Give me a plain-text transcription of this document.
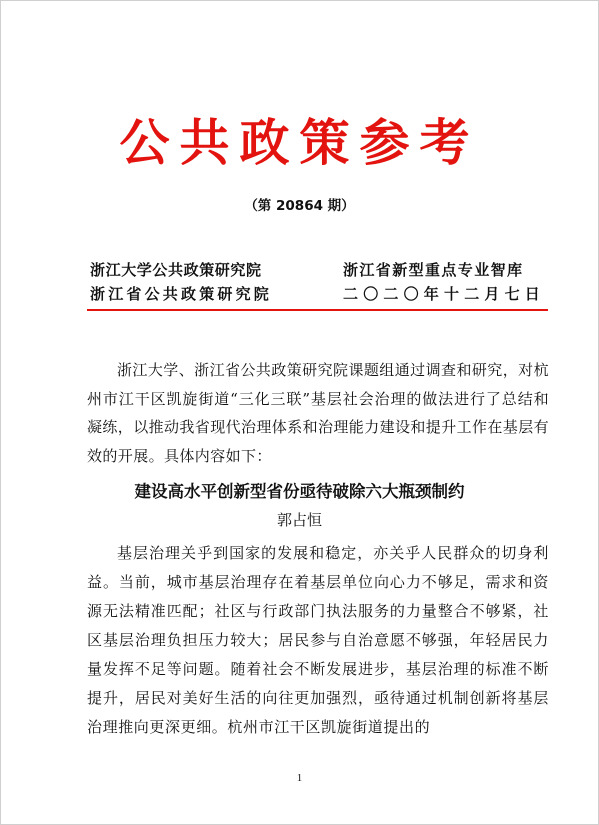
公共政策参考
（第 20864 期）
浙江大学公共政策研究院
浙江省公共政策研究院
浙江省新型重点专业智库
二〇二〇年十二月七日

浙江大学、浙江省公共政策研究院课题组通过调查和研究，对杭州市江干区凯旋街道“三化三联”基层社会治理的做法进行了总结和凝练，以推动我省现代治理体系和治理能力建设和提升工作在基层有效的开展。具体内容如下：

建设高水平创新型省份亟待破除六大瓶颈制约
郭占恒

基层治理关乎到国家的发展和稳定，亦关乎人民群众的切身利益。当前，城市基层治理存在着基层单位向心力不够足，需求和资源无法精准匹配；社区与行政部门执法服务的力量整合不够紧，社区基层治理负担压力较大；居民参与自治意愿不够强，年轻居民力量发挥不足等问题。随着社会不断发展进步，基层治理的标准不断提升，居民对美好生活的向往更加强烈，亟待通过机制创新将基层治理推向更深更细。杭州市江干区凯旋街道提出的

1
